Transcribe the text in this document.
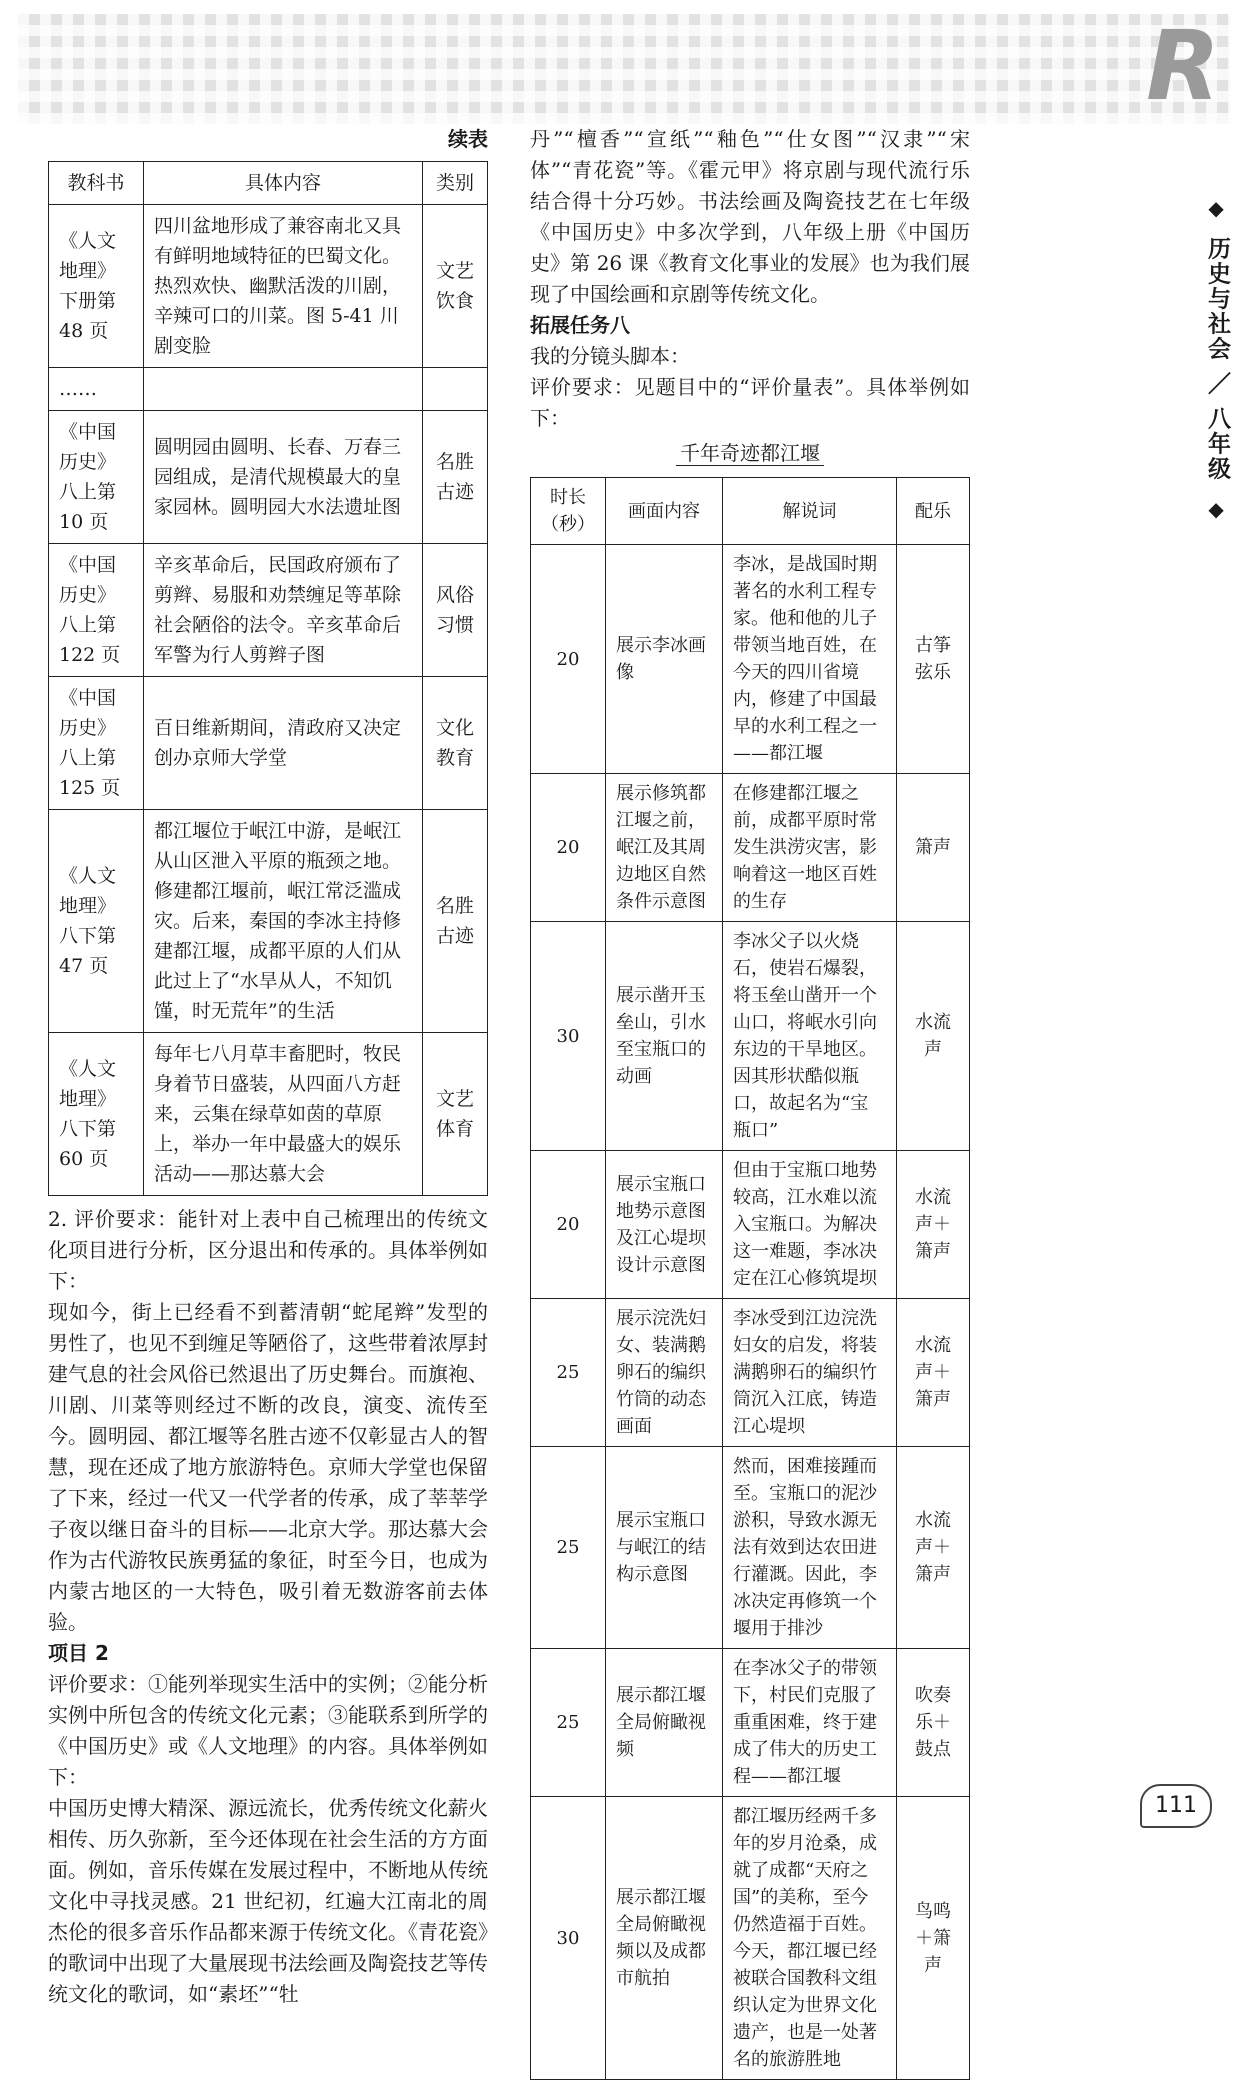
R
续表
教科书	具体内容	类别
《人文地理》下册第 48 页	四川盆地形成了兼容南北又具有鲜明地域特征的巴蜀文化。热烈欢快、幽默活泼的川剧，辛辣可口的川菜。图 5-41 川剧变脸	文艺饮食
……		
《中国历史》八上第 10 页	圆明园由圆明、长春、万春三园组成，是清代规模最大的皇家园林。圆明园大水法遗址图	名胜古迹
《中国历史》八上第 122 页	辛亥革命后，民国政府颁布了剪辫、易服和劝禁缠足等革除社会陋俗的法令。辛亥革命后军警为行人剪辫子图	风俗习惯
《中国历史》八上第 125 页	百日维新期间，清政府又决定创办京师大学堂	文化教育
《人文地理》八下第 47 页	都江堰位于岷江中游，是岷江从山区泄入平原的瓶颈之地。修建都江堰前，岷江常泛滥成灾。后来，秦国的李冰主持修建都江堰，成都平原的人们从此过上了“水旱从人，不知饥馑，时无荒年”的生活	名胜古迹
《人文地理》八下第 60 页	每年七八月草丰畜肥时，牧民身着节日盛装，从四面八方赶来，云集在绿草如茵的草原上，举办一年中最盛大的娱乐活动——那达慕大会	文艺体育

2. 评价要求：能针对上表中自己梳理出的传统文化项目进行分析，区分退出和传承的。具体举例如下：

现如今，街上已经看不到蓄清朝“蛇尾辫”发型的男性了，也见不到缠足等陋俗了，这些带着浓厚封建气息的社会风俗已然退出了历史舞台。而旗袍、川剧、川菜等则经过不断的改良，演变、流传至今。圆明园、都江堰等名胜古迹不仅彰显古人的智慧，现在还成了地方旅游特色。京师大学堂也保留了下来，经过一代又一代学者的传承，成了莘莘学子夜以继日奋斗的目标——北京大学。那达慕大会作为古代游牧民族勇猛的象征，时至今日，也成为内蒙古地区的一大特色，吸引着无数游客前去体验。

项目 2

评价要求：①能列举现实生活中的实例；②能分析实例中所包含的传统文化元素；③能联系到所学的《中国历史》或《人文地理》的内容。具体举例如下：

中国历史博大精深、源远流长，优秀传统文化薪火相传、历久弥新，至今还体现在社会生活的方方面面。例如，音乐传媒在发展过程中，不断地从传统文化中寻找灵感。21 世纪初，红遍大江南北的周杰伦的很多音乐作品都来源于传统文化。《青花瓷》的歌词中出现了大量展现书法绘画及陶瓷技艺等传统文化的歌词，如“素坯”“牡

丹”“檀香”“宣纸”“釉色”“仕女图”“汉隶”“宋体”“青花瓷”等。《霍元甲》将京剧与现代流行乐结合得十分巧妙。书法绘画及陶瓷技艺在七年级《中国历史》中多次学到，八年级上册《中国历史》第 26 课《教育文化事业的发展》也为我们展现了中国绘画和京剧等传统文化。

拓展任务八

我的分镜头脚本：

评价要求：见题目中的“评价量表”。具体举例如下：

千年奇迹都江堰
时长（秒）	画面内容	解说词	配乐
20	展示李冰画像	李冰，是战国时期著名的水利工程专家。他和他的儿子带领当地百姓，在今天的四川省境内，修建了中国最早的水利工程之一——都江堰	古筝弦乐
20	展示修筑都江堰之前，岷江及其周边地区自然条件示意图	在修建都江堰之前，成都平原时常发生洪涝灾害，影响着这一地区百姓的生存	箫声
30	展示凿开玉垒山，引水至宝瓶口的动画	李冰父子以火烧石，使岩石爆裂，将玉垒山凿开一个山口，将岷水引向东边的干旱地区。因其形状酷似瓶口，故起名为“宝瓶口”	水流声
20	展示宝瓶口地势示意图及江心堤坝设计示意图	但由于宝瓶口地势较高，江水难以流入宝瓶口。为解决这一难题，李冰决定在江心修筑堤坝	水流声＋箫声
25	展示浣洗妇女、装满鹅卵石的编织竹筒的动态画面	李冰受到江边浣洗妇女的启发，将装满鹅卵石的编织竹筒沉入江底，铸造江心堤坝	水流声＋箫声
25	展示宝瓶口与岷江的结构示意图	然而，困难接踵而至。宝瓶口的泥沙淤积，导致水源无法有效到达农田进行灌溉。因此，李冰决定再修筑一个堰用于排沙	水流声＋箫声
25	展示都江堰全局俯瞰视频	在李冰父子的带领下，村民们克服了重重困难，终于建成了伟大的历史工程——都江堰	吹奏乐＋鼓点
30	展示都江堰全局俯瞰视频以及成都市航拍	都江堰历经两千多年的岁月沧桑，成就了成都“天府之国”的美称，至今仍然造福于百姓。今天，都江堰已经被联合国教科文组织认定为世界文化遗产，也是一处著名的旅游胜地	鸟鸣＋箫声
◆ 历史与社会 ／ 八年级 ◆
111
